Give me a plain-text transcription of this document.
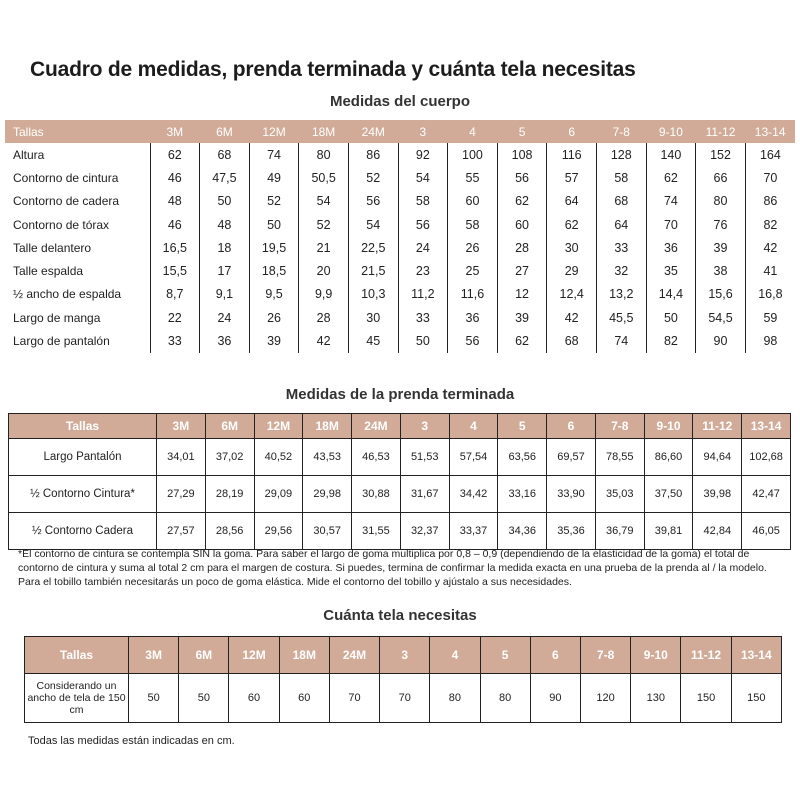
Cuadro de medidas, prenda terminada y cuánta tela necesitas
Medidas del cuerpo
Tallas	3M	6M	12M	18M	24M	3	4	5	6	7-8	9-10	11-12	13-14
Altura	62	68	74	80	86	92	100	108	116	128	140	152	164
Contorno de cintura	46	47,5	49	50,5	52	54	55	56	57	58	62	66	70
Contorno de cadera	48	50	52	54	56	58	60	62	64	68	74	80	86
Contorno de tórax	46	48	50	52	54	56	58	60	62	64	70	76	82
Talle delantero	16,5	18	19,5	21	22,5	24	26	28	30	33	36	39	42
Talle espalda	15,5	17	18,5	20	21,5	23	25	27	29	32	35	38	41
½ ancho de espalda	8,7	9,1	9,5	9,9	10,3	11,2	11,6	12	12,4	13,2	14,4	15,6	16,8
Largo de manga	22	24	26	28	30	33	36	39	42	45,5	50	54,5	59
Largo de pantalón	33	36	39	42	45	50	56	62	68	74	82	90	98
Medidas de la prenda terminada
Tallas	3M	6M	12M	18M	24M	3	4	5	6	7-8	9-10	11-12	13-14
Largo Pantalón	34,01	37,02	40,52	43,53	46,53	51,53	57,54	63,56	69,57	78,55	86,60	94,64	102,68
½ Contorno Cintura*	27,29	28,19	29,09	29,98	30,88	31,67	34,42	33,16	33,90	35,03	37,50	39,98	42,47
½ Contorno Cadera	27,57	28,56	29,56	30,57	31,55	32,37	33,37	34,36	35,36	36,79	39,81	42,84	46,05

*El contorno de cintura se contempla SIN la goma. Para saber el largo de goma multiplica por 0,8 – 0,9 (dependiendo de la elasticidad de la goma) el total de contorno de cintura y suma al total 2 cm para el margen de costura. Si puedes, termina de confirmar la medida exacta en una prueba de la prenda al / la modelo. Para el tobillo también necesitarás un poco de goma elástica. Mide el contorno del tobillo y ajústalo a sus necesidades.

Cuánta tela necesitas
Tallas	3M	6M	12M	18M	24M	3	4	5	6	7-8	9-10	11-12	13-14
Considerando un ancho de tela de 150 cm	50	50	60	60	70	70	80	80	90	120	130	150	150

Todas las medidas están indicadas en cm.
